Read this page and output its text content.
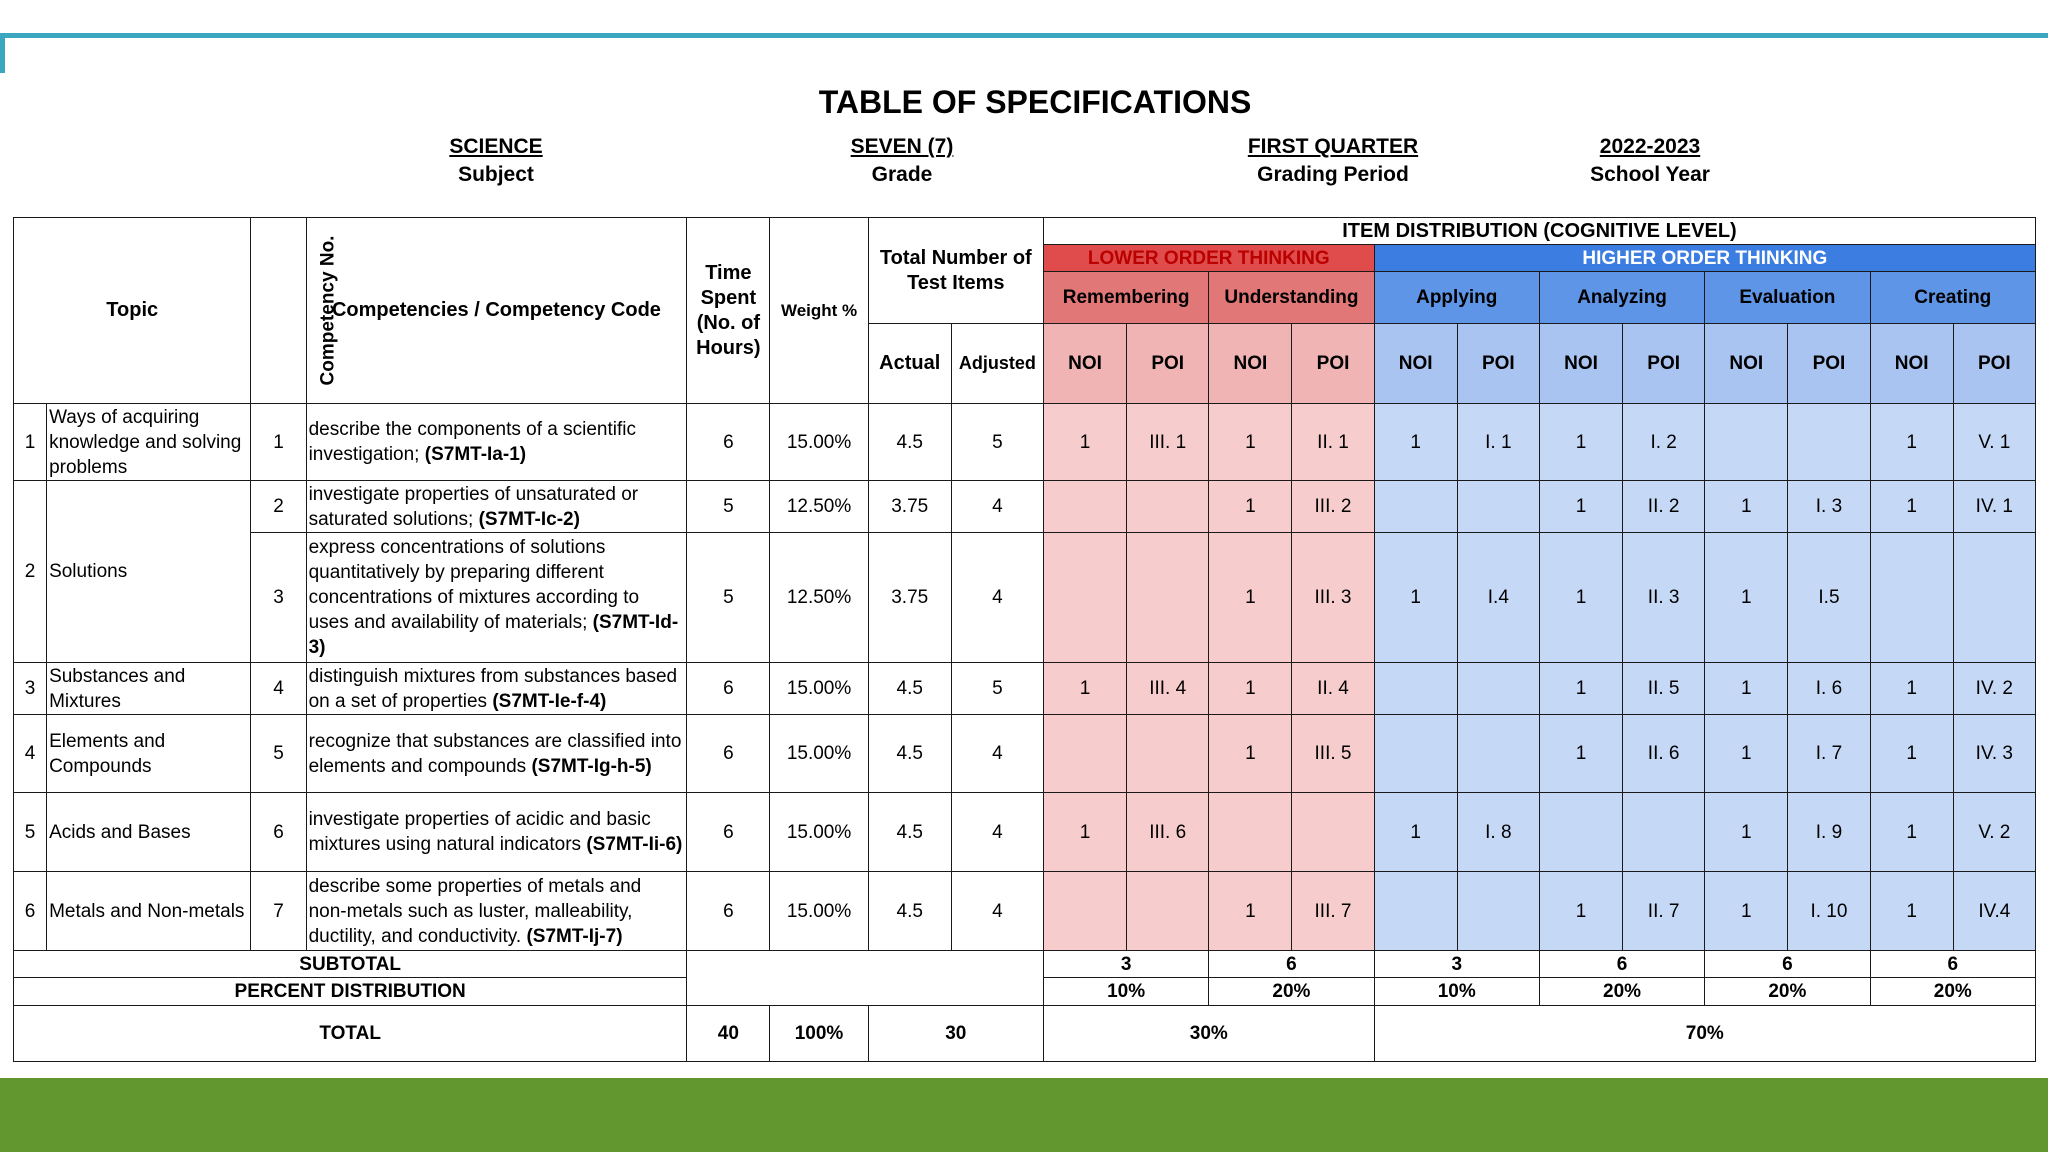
TABLE OF SPECIFICATIONS
SCIENCE
Subject
SEVEN (7)
Grade
FIRST QUARTER
Grading Period
2022-2023
School Year
Topic		Competency No.	Competencies / Competency Code	Time Spent (No. of Hours)	Weight %	Total Number of Test Items		ITEM DISTRIBUTION (COGNITIVE LEVEL)											
								LOWER ORDER THINKING				HIGHER ORDER THINKING							
								Remembering		Understanding		Applying		Analyzing		Evaluation		Creating	
						Actual	Adjusted	NOI	POI	NOI	POI	NOI	POI	NOI	POI	NOI	POI	NOI	POI
1	Ways of acquiring knowledge and solving problems	1	describe the components of a scientific investigation; (S7MT-Ia-1)	6	15.00%	4.5	5	1	III. 1	1	II. 1	1	I. 1	1	I. 2			1	V. 1
2	Solutions	2	investigate properties of unsaturated or saturated solutions; (S7MT-Ic-2)	5	12.50%	3.75	4			1	III. 2			1	II. 2	1	I. 3	1	IV. 1
		3	express concentrations of solutions quantitatively by preparing different concentrations of mixtures according to uses and availability of materials; (S7MT-Id-3)	5	12.50%	3.75	4			1	III. 3	1	I.4	1	II. 3	1	I.5		
3	Substances and Mixtures	4	distinguish mixtures from substances based on a set of properties (S7MT-Ie-f-4)	6	15.00%	4.5	5	1	III. 4	1	II. 4			1	II. 5	1	I. 6	1	IV. 2
4	Elements and Compounds	5	recognize that substances are classified into elements and compounds (S7MT-Ig-h-5)	6	15.00%	4.5	4			1	III. 5			1	II. 6	1	I. 7	1	IV. 3
5	Acids and Bases	6	investigate properties of acidic and basic mixtures using natural indicators (S7MT-Ii-6)	6	15.00%	4.5	4	1	III. 6			1	I. 8			1	I. 9	1	V. 2
6	Metals and Non-metals	7	describe some properties of metals and non-metals such as luster, malleability, ductility, and conductivity. (S7MT-Ij-7)	6	15.00%	4.5	4			1	III. 7			1	II. 7	1	I. 10	1	IV.4
SUBTOTAL								3		6		3		6		6		6	
PERCENT DISTRIBUTION								10%		20%		10%		20%		20%		20%	
TOTAL				40	100%	30		30%				70%							
